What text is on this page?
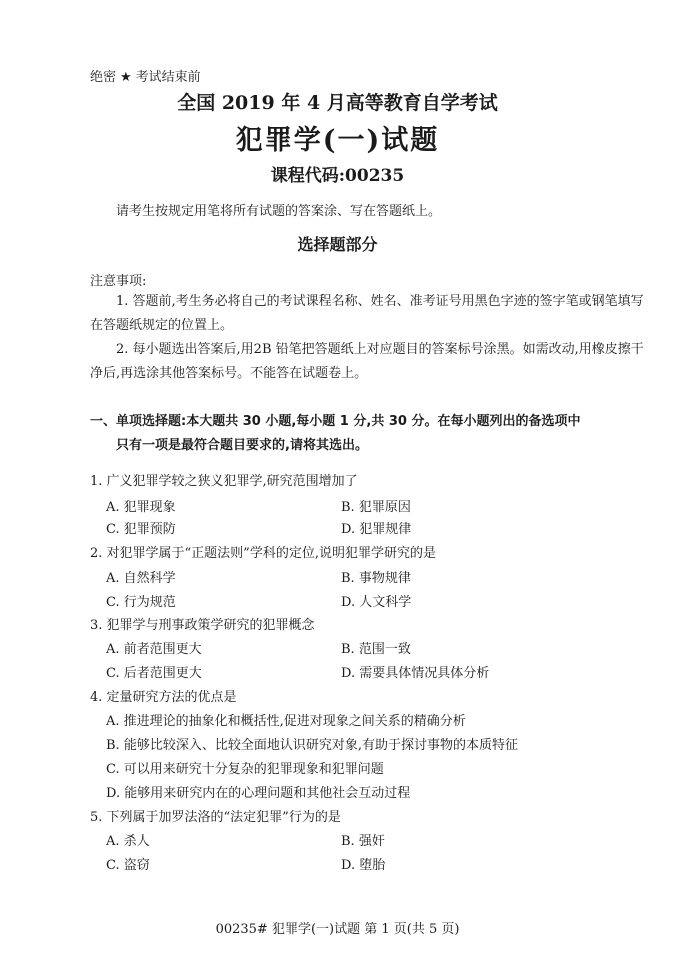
绝密 ★ 考试结束前
全国 2019 年 4 月高等教育自学考试
犯罪学(一)试题
课程代码:00235
请考生按规定用笔将所有试题的答案涂、写在答题纸上。
选择题部分
注意事项:
1. 答题前,考生务必将自己的考试课程名称、姓名、准考证号用黑色字迹的签字笔或钢笔填写在答题纸规定的位置上。
2. 每小题选出答案后,用2B 铅笔把答题纸上对应题目的答案标号涂黑。如需改动,用橡皮擦干净后,再选涂其他答案标号。不能答在试题卷上。
一、单项选择题:本大题共 30 小题,每小题 1 分,共 30 分。在每小题列出的备选项中
只有一项是最符合题目要求的,请将其选出。
1. 广义犯罪学较之狭义犯罪学,研究范围增加了
A. 犯罪现象	B. 犯罪原因
C. 犯罪预防	D. 犯罪规律
2. 对犯罪学属于“正题法则”学科的定位,说明犯罪学研究的是
A. 自然科学	B. 事物规律
C. 行为规范	D. 人文科学
3. 犯罪学与刑事政策学研究的犯罪概念
A. 前者范围更大	B. 范围一致
C. 后者范围更大	D. 需要具体情况具体分析
4. 定量研究方法的优点是
A. 推进理论的抽象化和概括性,促进对现象之间关系的精确分析
B. 能够比较深入、比较全面地认识研究对象,有助于探讨事物的本质特征
C. 可以用来研究十分复杂的犯罪现象和犯罪问题
D. 能够用来研究内在的心理问题和其他社会互动过程
5. 下列属于加罗法洛的“法定犯罪”行为的是
A. 杀人	B. 强奸
C. 盗窃	D. 堕胎
00235# 犯罪学(一)试题 第 1 页(共 5 页)
